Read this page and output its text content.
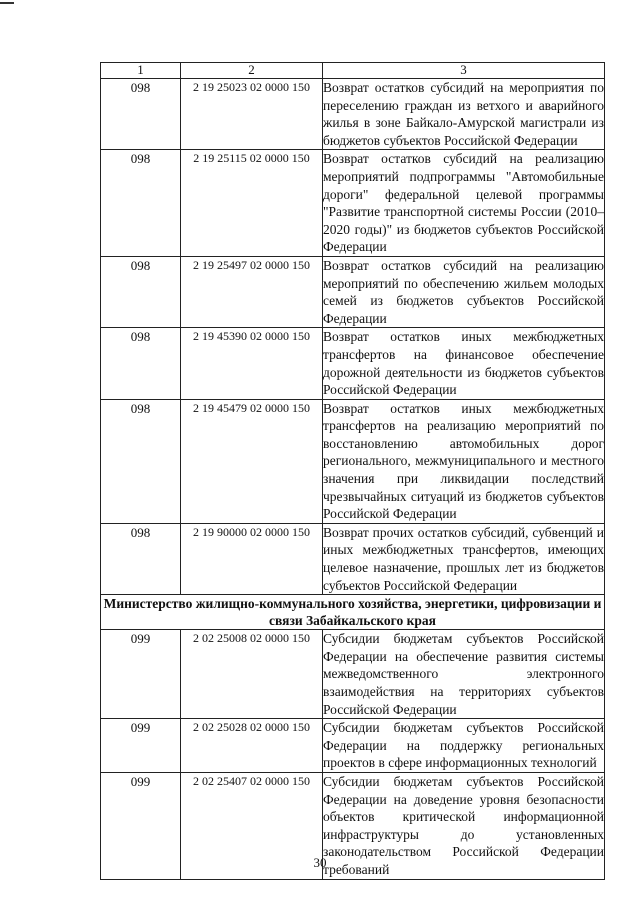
1	2	3
098	2 19 25023 02 0000 150	Возврат остатков субсидий на мероприятия по переселению граждан из ветхого и аварийного жилья в зоне Байкало-Амурской магистрали из бюджетов субъектов Российской Федерации
098	2 19 25115 02 0000 150	Возврат остатков субсидий на реализацию мероприятий подпрограммы "Автомобильные дороги" федеральной целевой программы "Развитие транспортной системы России (2010–2020 годы)" из бюджетов субъектов Российской Федерации
098	2 19 25497 02 0000 150	Возврат остатков субсидий на реализацию мероприятий по обеспечению жильем молодых семей из бюджетов субъектов Российской Федерации
098	2 19 45390 02 0000 150	Возврат остатков иных межбюджетных трансфертов на финансовое обеспечение дорожной деятельности из бюджетов субъектов Российской Федерации
098	2 19 45479 02 0000 150	Возврат остатков иных межбюджетных трансфертов на реализацию мероприятий по восстановлению автомобильных дорог регионального, межмуниципального и местного значения при ликвидации последствий чрезвычайных ситуаций из бюджетов субъектов Российской Федерации
098	2 19 90000 02 0000 150	Возврат прочих остатков субсидий, субвенций и иных межбюджетных трансфертов, имеющих целевое назначение, прошлых лет из бюджетов субъектов Российской Федерации
Министерство жилищно-коммунального хозяйства, энергетики, цифровизации и связи Забайкальского края		
099	2 02 25008 02 0000 150	Субсидии бюджетам субъектов Российской Федерации на обеспечение развития системы межведомственного электронного взаимодействия на территориях субъектов Российской Федерации
099	2 02 25028 02 0000 150	Субсидии бюджетам субъектов Российской Федерации на поддержку региональных проектов в сфере информационных технологий
099	2 02 25407 02 0000 150	Субсидии бюджетам субъектов Российской Федерации на доведение уровня безопасности объектов критической информационной инфраструктуры до установленных законодательством Российской Федерации требований
30
